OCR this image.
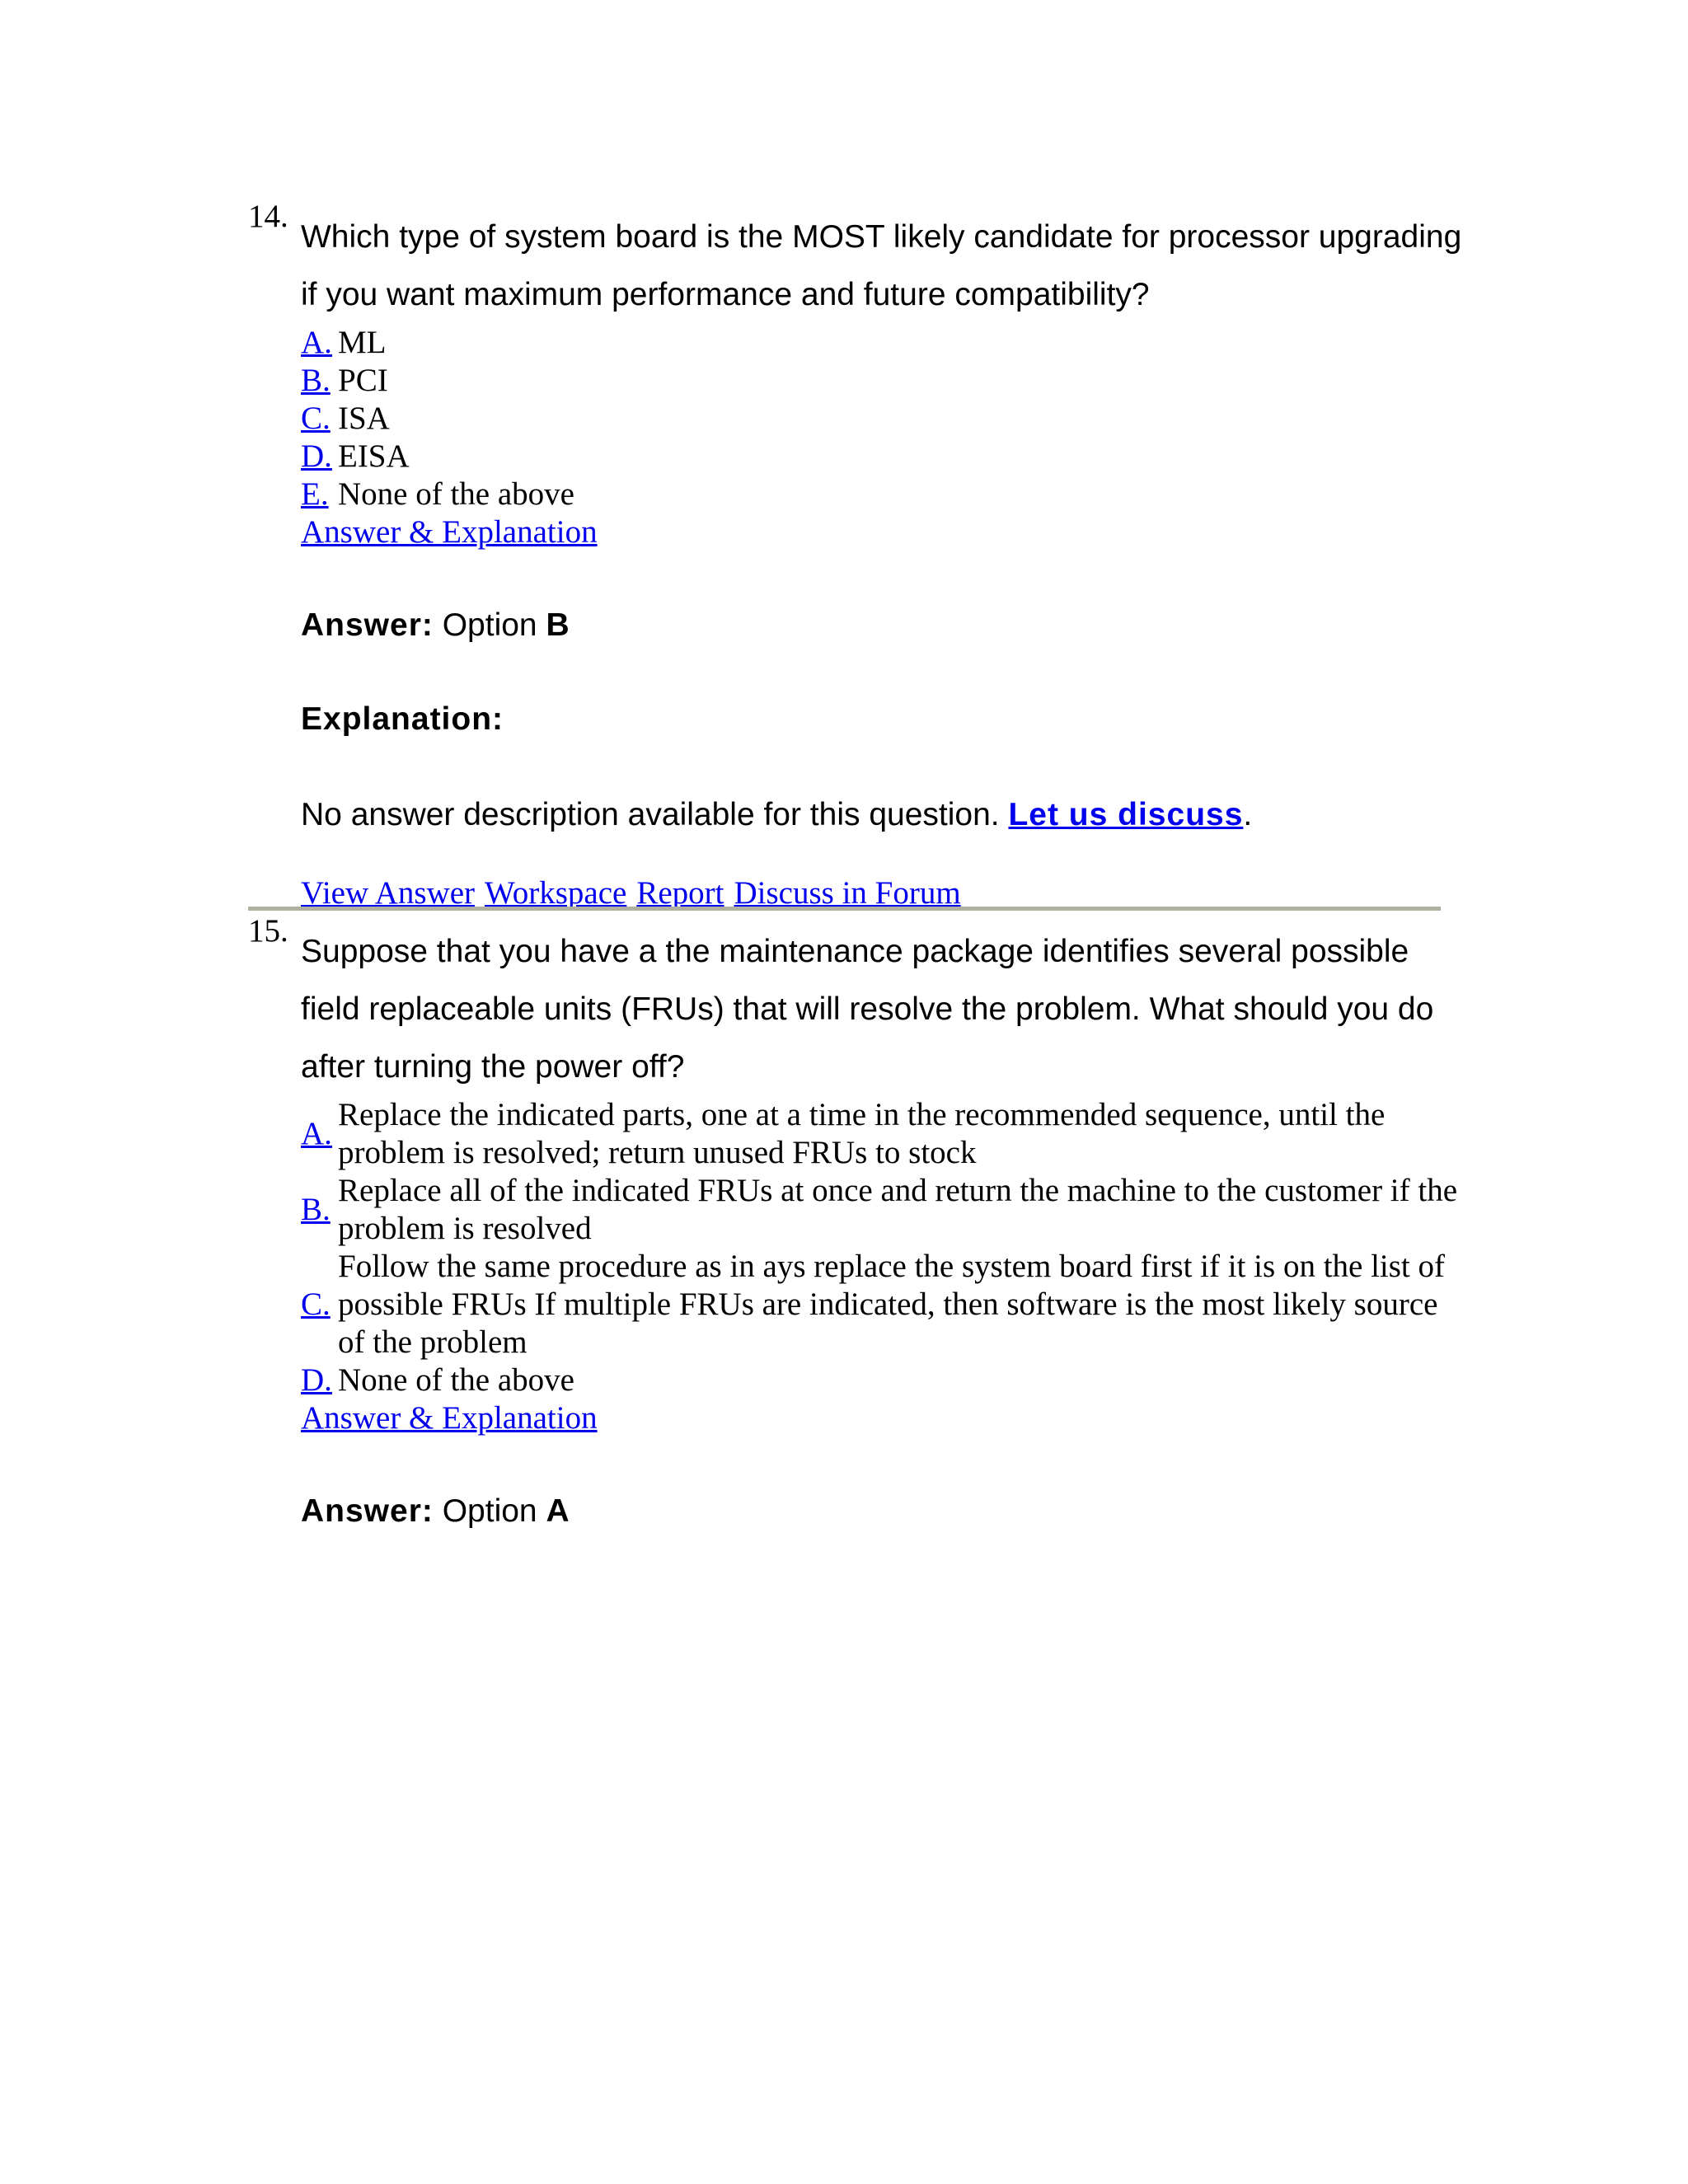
14.
Which type of system board is the MOST likely candidate for processor upgrading if you want maximum performance and future compatibility?
A. ML
B. PCI
C. ISA
D. EISA
E. None of the above
Answer & Explanation
Answer: Option B
Explanation:
No answer description available for this question. Let us discuss.
View Answer Workspace Report Discuss in Forum
15.
Suppose that you have a the maintenance package identifies several possible field replaceable units (FRUs) that will resolve the problem. What should you do after turning the power off?
A.
Replace the indicated parts, one at a time in the recommended sequence, until the problem is resolved; return unused FRUs to stock
B.
Replace all of the indicated FRUs at once and return the machine to the customer if the problem is resolved
C.
Follow the same procedure as in ays replace the system board first if it is on the list of possible FRUs If multiple FRUs are indicated, then software is the most likely source of the problem
D. None of the above
Answer & Explanation
Answer: Option A
